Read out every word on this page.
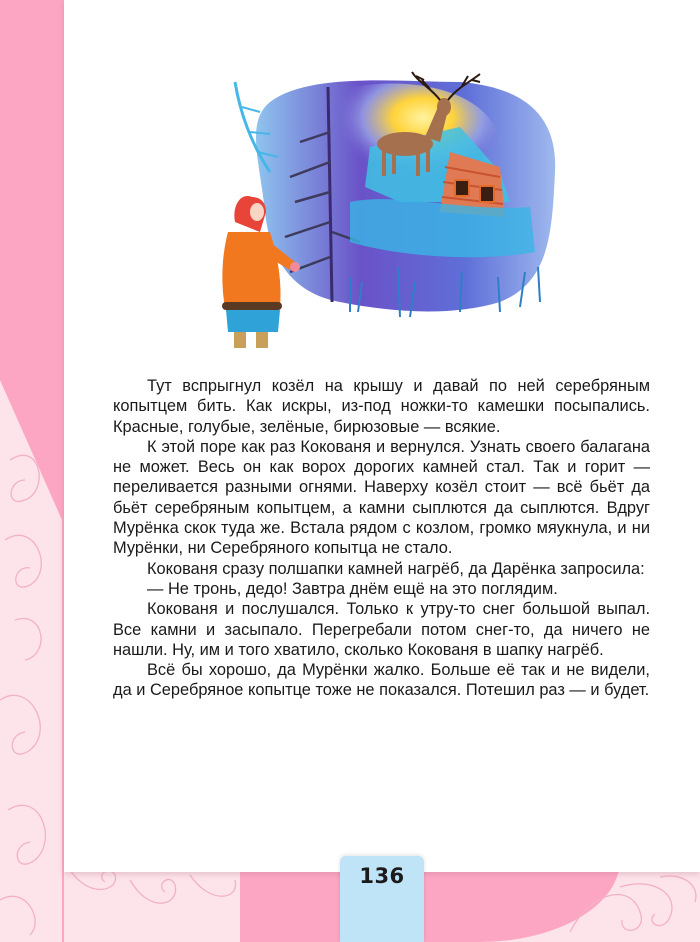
Тут вспрыгнул козёл на крышу и давай по ней серебряным копытцем бить. Как искры, из-под ножки-то камешки посыпались. Красные, голубые, зелёные, бирюзовые — всякие.

К этой поре как раз Кокованя и вернулся. Узнать своего балагана не может. Весь он как ворох дорогих камней стал. Так и горит — переливается разными огнями. Наверху козёл стоит — всё бьёт да бьёт серебряным копытцем, а камни сыплются да сыплются. Вдруг Мурёнка скок туда же. Встала рядом с козлом, громко мяукнула, и ни Мурёнки, ни Серебряного копытца не стало.

Кокованя сразу полшапки камней нагрёб, да Дарёнка запросила:

— Не тронь, дедо! Завтра днём ещё на это поглядим.

Кокованя и послушался. Только к утру-то снег большой выпал. Все камни и засыпало. Перегребали потом снег-то, да ничего не нашли. Ну, им и того хватило, сколько Кокованя в шапку нагрёб.

Всё бы хорошо, да Мурёнки жалко. Больше её так и не видели, да и Серебряное копытце тоже не показался. Потешил раз — и будет.

136
